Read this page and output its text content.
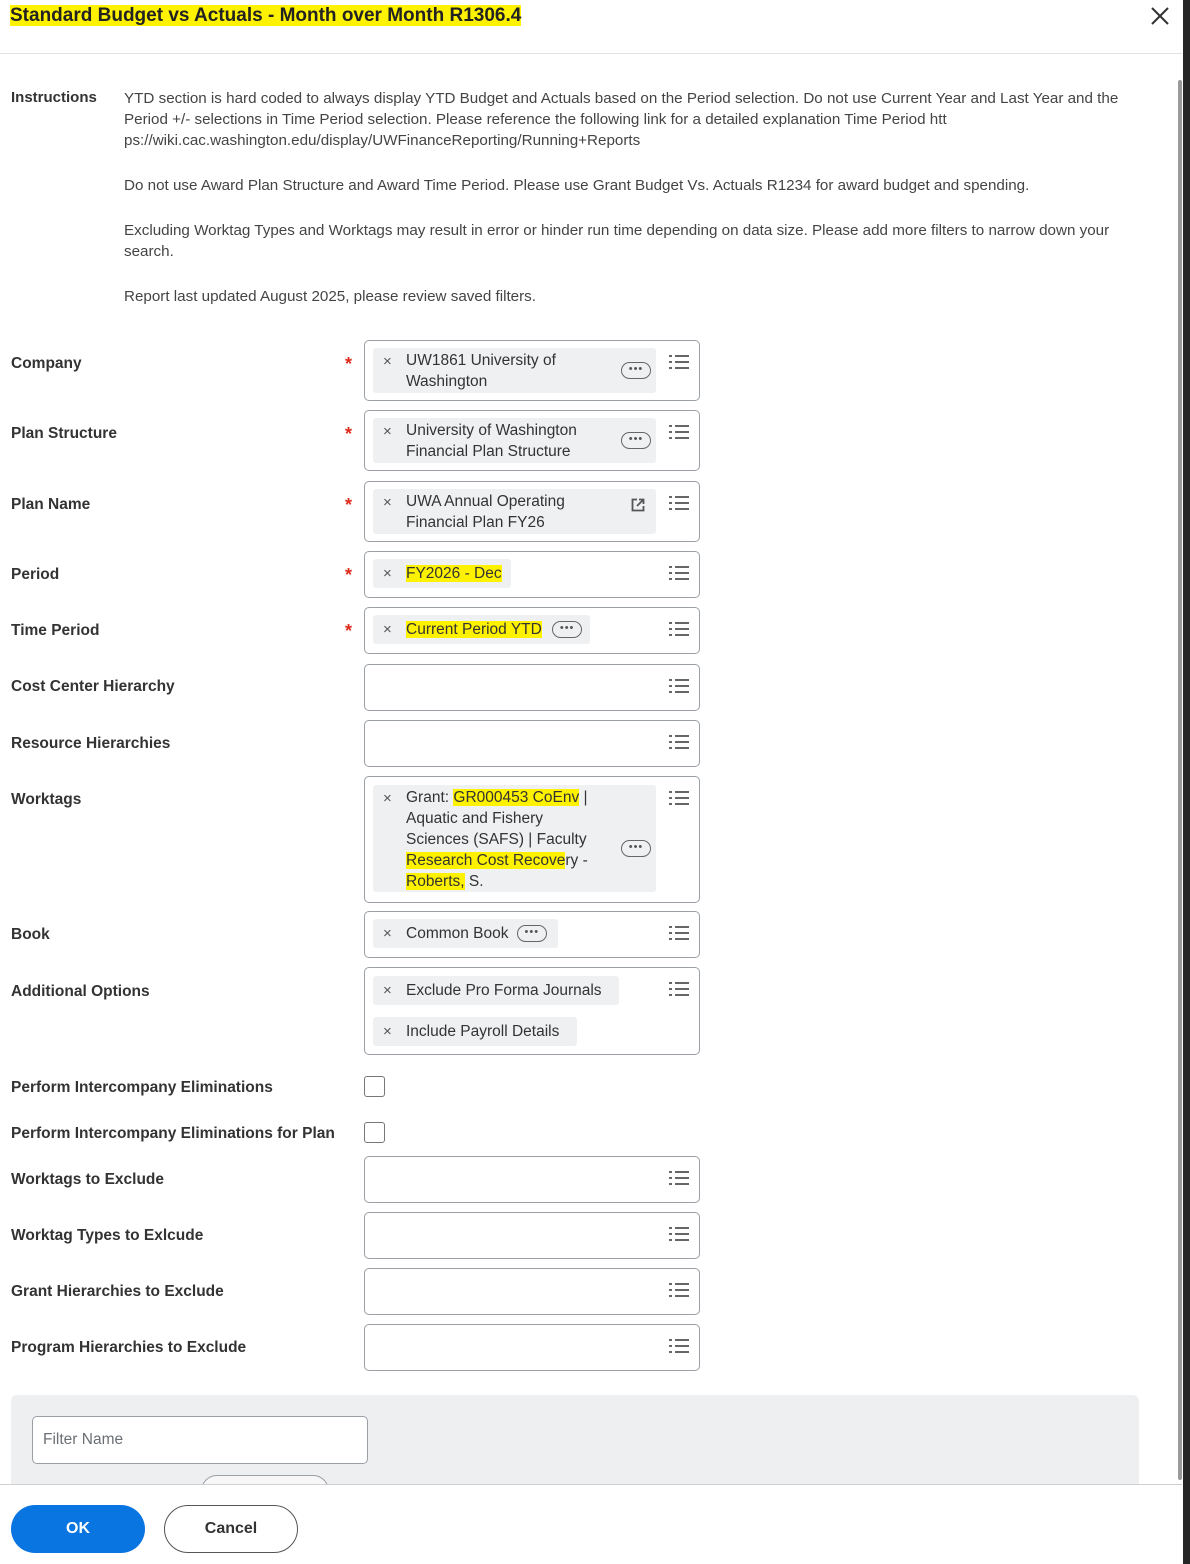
Standard Budget vs Actuals - Month over Month R1306.4
Instructions YTD section is hard coded to always display YTD Budget and Actuals based on the Period selection. Do not use Current Year and Last Year and the Period +/- selections in Time Period selection. Please reference the following link for a detailed explanation Time Period htt ps://wiki.cac.washington.edu/display/UWFinanceReporting/Running+Reports

Do not use Award Plan Structure and Award Time Period. Please use Grant Budget Vs. Actuals R1234 for award budget and spending.

Excluding Worktag Types and Worktags may result in error or hinder run time depending on data size. Please add more filters to narrow down your search.

Report last updated August 2025, please review saved filters.

Company	* × UW1861 University of
Washington
•••
Plan Structure	* × University of Washington
Financial Plan Structure
•••
Plan Name	* × UWA Annual Operating
Financial Plan FY26
Period	* × FY2026 - Dec
Time Period	* × Current Period YTD •••
Cost Center Hierarchy
Resource Hierarchies
Worktags	× Grant: GR000453 CoEnv |
Aquatic and Fishery
Sciences (SAFS) | Faculty
Research Cost Recovery -
Roberts, S.
•••
Book	× Common Book •••
Additional Options	× Exclude Pro Forma Journals
× Include Payroll Details
Perform Intercompany Eliminations
Perform Intercompany Eliminations for Plan
Worktags to Exclude
Worktag Types to Exlcude
Grant Hierarchies to Exclude
Program Hierarchies to Exclude
Filter Name
OK	Cancel
